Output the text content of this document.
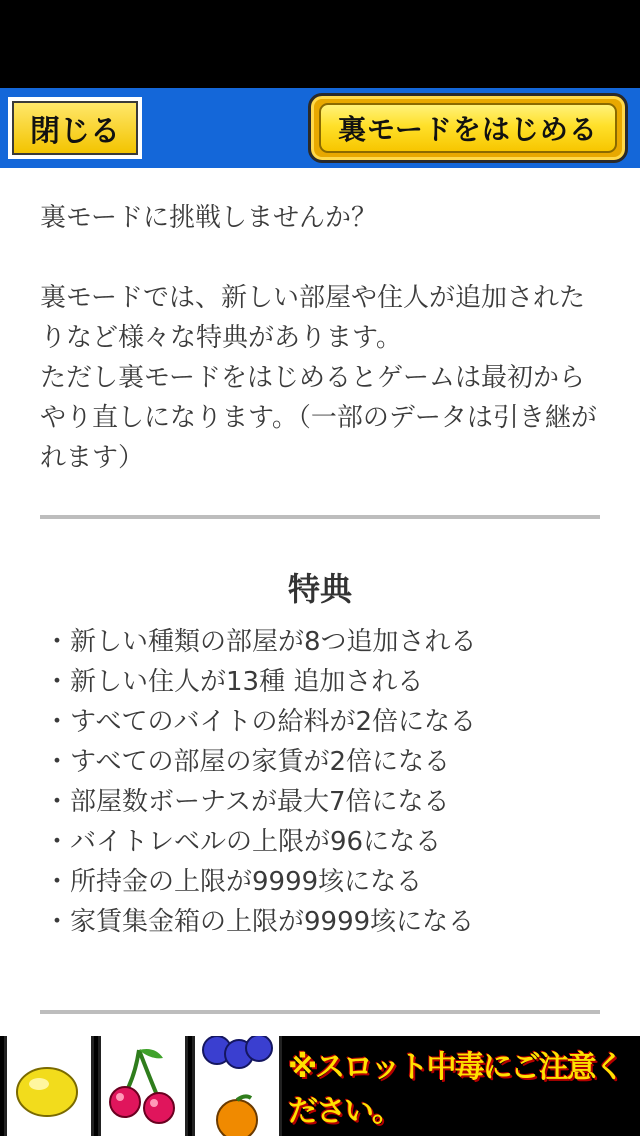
閉じる	裏モードをはじめる

裏モードに挑戦しませんか？

裏モードでは、新しい部屋や住人が追加されたりなど様々な特典があります。

ただし裏モードをはじめるとゲームは最初からやり直しになります。（一部のデータは引き継がれます）

特典
・新しい種類の部屋が8つ追加される
・新しい住人が13種 追加される
・すべてのバイトの給料が2倍になる
・すべての部屋の家賃が2倍になる
・部屋数ボーナスが最大7倍になる
・バイトレベルの上限が96になる
・所持金の上限が9999垓になる
・家賃集金箱の上限が9999垓になる
※スロット中毒にご注意ください。
